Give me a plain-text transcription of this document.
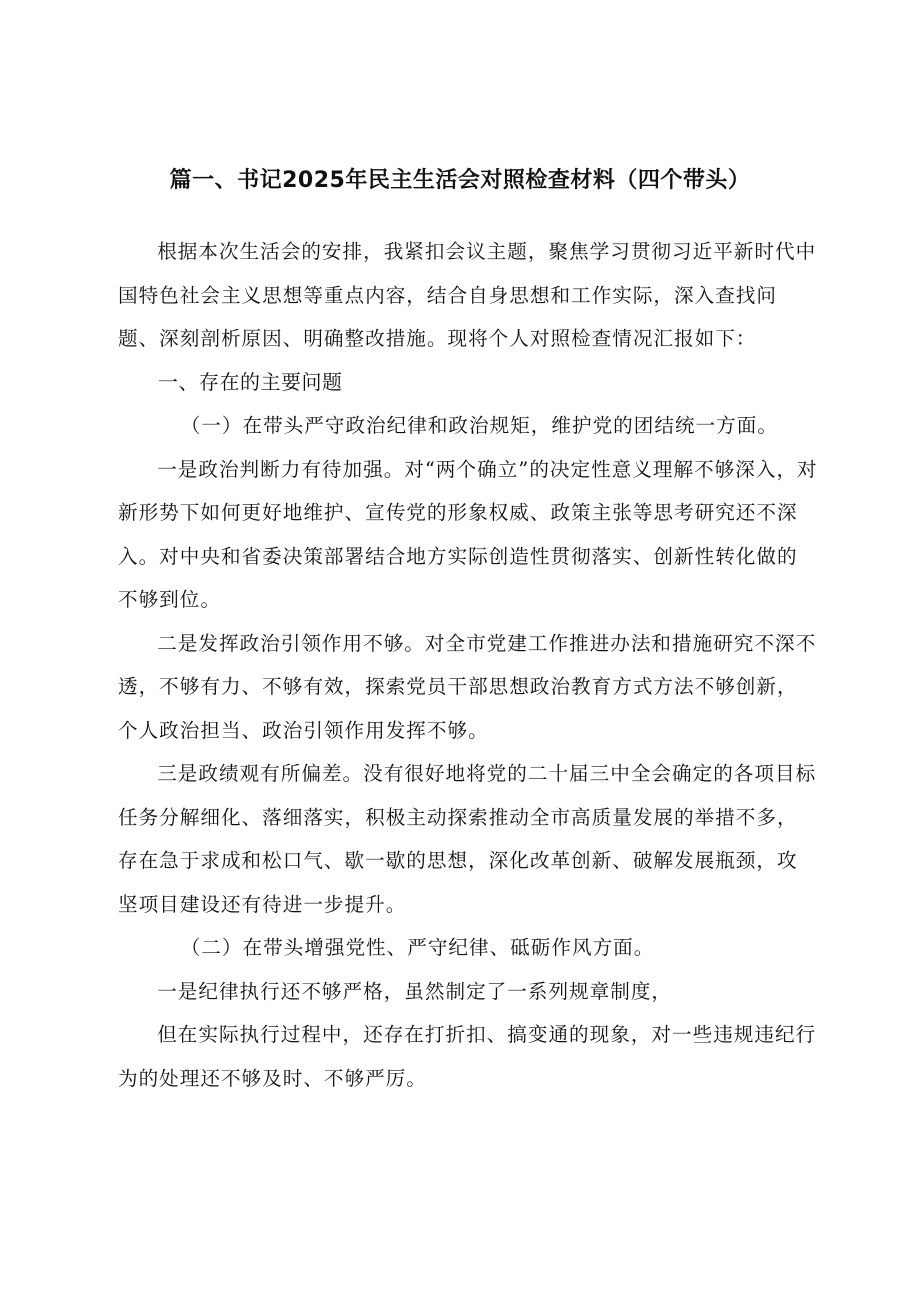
篇一、书记2025年民主生活会对照检查材料（四个带头）

根据本次生活会的安排，我紧扣会议主题，聚焦学习贯彻习近平新时代中国特色社会主义思想等重点内容，结合自身思想和工作实际，深入查找问题、深刻剖析原因、明确整改措施。现将个人对照检查情况汇报如下：

一、存在的主要问题

（一）在带头严守政治纪律和政治规矩，维护党的团结统一方面。

一是政治判断力有待加强。对“两个确立”的决定性意义理解不够深入，对新形势下如何更好地维护、宣传党的形象权威、政策主张等思考研究还不深入。对中央和省委决策部署结合地方实际创造性贯彻落实、创新性转化做的不够到位。

二是发挥政治引领作用不够。对全市党建工作推进办法和措施研究不深不透，不够有力、不够有效，探索党员干部思想政治教育方式方法不够创新，个人政治担当、政治引领作用发挥不够。

三是政绩观有所偏差。没有很好地将党的二十届三中全会确定的各项目标任务分解细化、落细落实，积极主动探索推动全市高质量发展的举措不多，存在急于求成和松口气、歇一歇的思想，深化改革创新、破解发展瓶颈，攻坚项目建设还有待进一步提升。

（二）在带头增强党性、严守纪律、砥砺作风方面。

一是纪律执行还不够严格，虽然制定了一系列规章制度，

但在实际执行过程中，还存在打折扣、搞变通的现象，对一些违规违纪行为的处理还不够及时、不够严厉。
